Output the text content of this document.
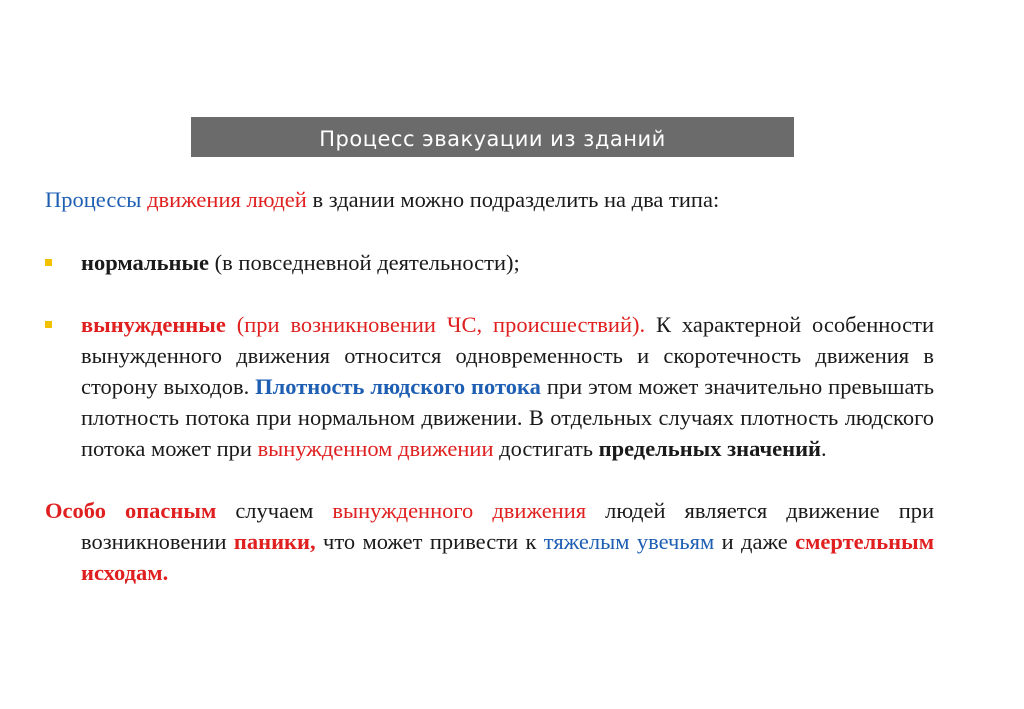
Процесс эвакуации из зданий

Процессы движения людей в здании можно подразделить на два типа:

нормальные (в повседневной деятельности);

вынужденные (при возникновении ЧС, происшествий). К характерной особенности вынужденного движения относится одновременность и скоротечность движения в сторону выходов. Плотность людского потока при этом может значительно превышать плотность потока при нормальном движении. В отдельных случаях плотность людского потока может при вынужденном движении достигать предельных значений.

Особо опасным случаем вынужденного движения людей является движение при возникновении паники, что может привести к тяжелым увечьям и даже смертельным исходам.
